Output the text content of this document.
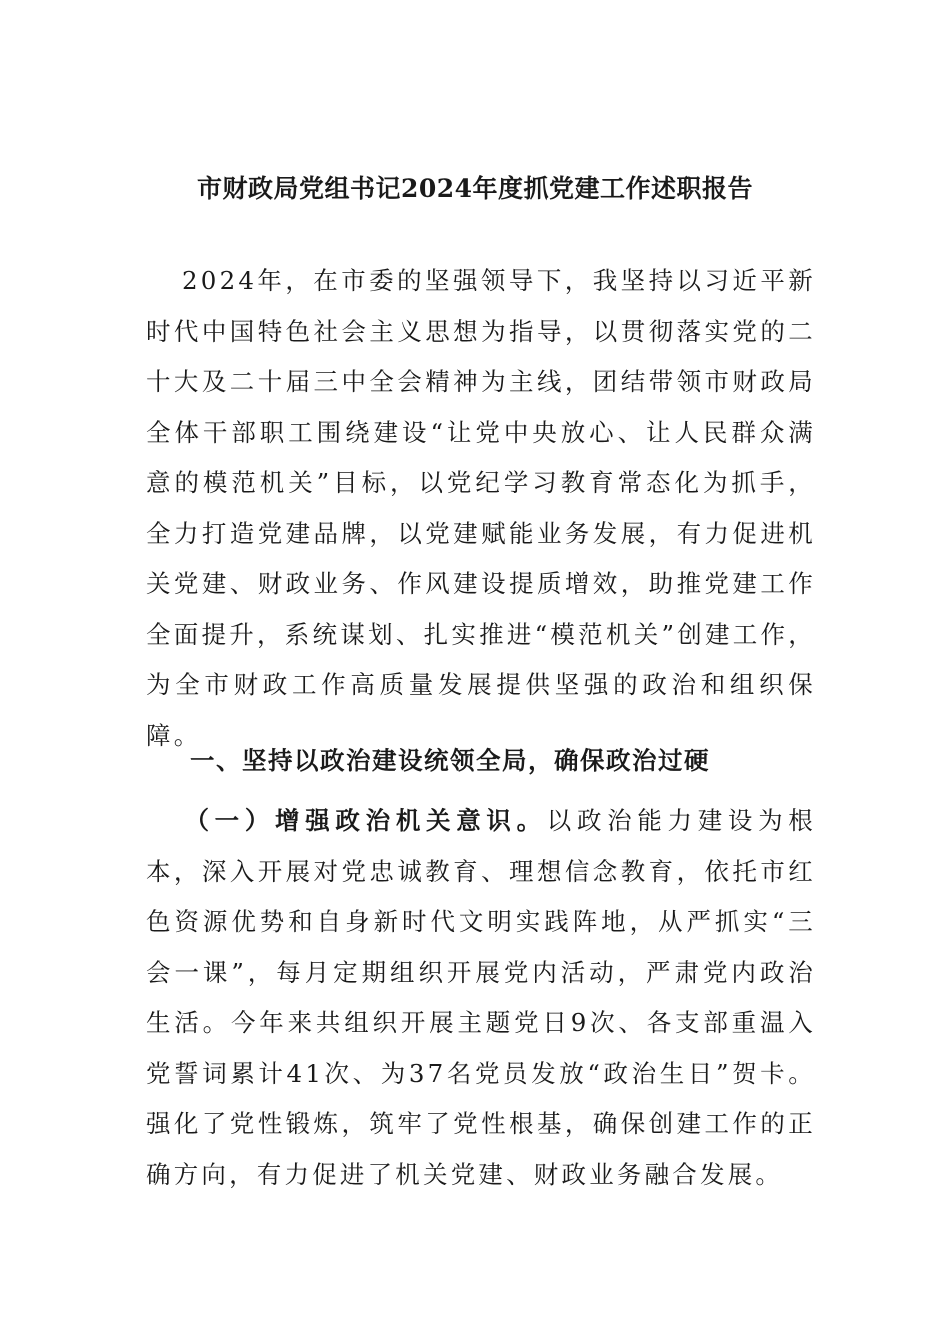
市财政局党组书记2024年度抓党建工作述职报告

2024年，在市委的坚强领导下，我坚持以习近平新时代中国特色社会主义思想为指导，以贯彻落实党的二十大及二十届三中全会精神为主线，团结带领市财政局全体干部职工围绕建设“让党中央放心、让人民群众满意的模范机关”目标，以党纪学习教育常态化为抓手，全力打造党建品牌，以党建赋能业务发展，有力促进机关党建、财政业务、作风建设提质增效，助推党建工作全面提升，系统谋划、扎实推进“模范机关”创建工作，为全市财政工作高质量发展提供坚强的政治和组织保障。

一、坚持以政治建设统领全局，确保政治过硬

（一）增强政治机关意识。以政治能力建设为根本，深入开展对党忠诚教育、理想信念教育，依托市红色资源优势和自身新时代文明实践阵地，从严抓实“三会一课”，每月定期组织开展党内活动，严肃党内政治生活。今年来共组织开展主题党日9次、各支部重温入党誓词累计41次、为37名党员发放“政治生日”贺卡。强化了党性锻炼，筑牢了党性根基，确保创建工作的正确方向，有力促进了机关党建、财政业务融合发展。
